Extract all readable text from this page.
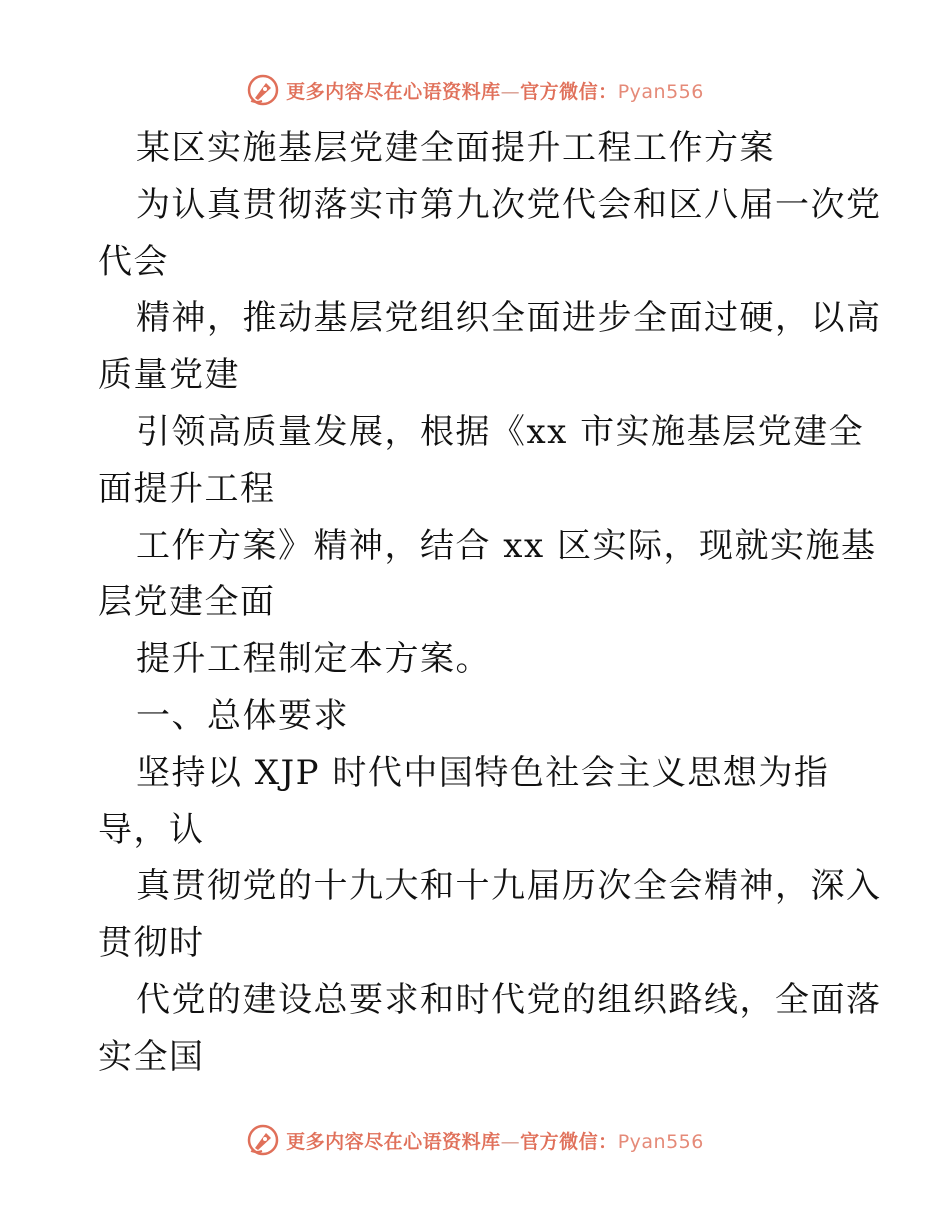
更多内容尽在心语资料库—官方微信：Pyan556
某区实施基层党建全面提升工程工作方案
为认真贯彻落实市第九次党代会和区八届一次党
代会
精神，推动基层党组织全面进步全面过硬，以高
质量党建
引领高质量发展，根据《xx 市实施基层党建全
面提升工程
工作方案》精神，结合 xx 区实际，现就实施基
层党建全面
提升工程制定本方案。
一、总体要求
坚持以 XJP 时代中国特色社会主义思想为指
导，认
真贯彻党的十九大和十九届历次全会精神，深入
贯彻时
代党的建设总要求和时代党的组织路线，全面落
实全国
更多内容尽在心语资料库—官方微信：Pyan556
